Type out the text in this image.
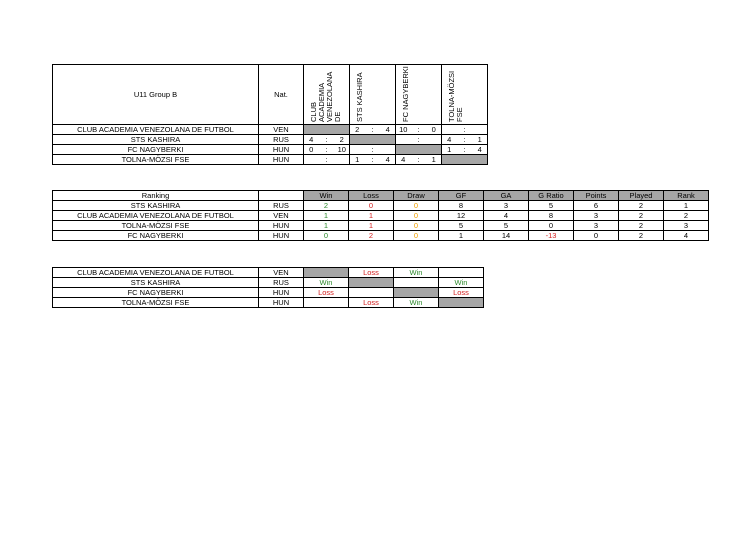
U11 Group B	Nat.	CLUB ACADEMIA VENEZOLANA DE			STS KASHIRA			FC NAGYBERKI			TOLNA-MÖZSI FSE		
CLUB ACADEMIA VENEZOLANA DE FUTBOL	VEN				2	:	4	10	:	0		:	
STS KASHIRA	RUS	4	:	2					:		4	:	1
FC NAGYBERKI	HUN	0	:	10		:					1	:	4
TOLNA-MÖZSI FSE	HUN		:		1	:	4	4	:	1			
Ranking		Win	Loss	Draw	GF	GA	G Ratio	Points	Played	Rank
STS KASHIRA	RUS	2	0	0	8	3	5	6	2	1
CLUB ACADEMIA VENEZOLANA DE FUTBOL	VEN	1	1	0	12	4	8	3	2	2
TOLNA-MÖZSI FSE	HUN	1	1	0	5	5	0	3	2	3
FC NAGYBERKI	HUN	0	2	0	1	14	-13	0	2	4
CLUB ACADEMIA VENEZOLANA DE FUTBOL	VEN		Loss	Win	
STS KASHIRA	RUS	Win			Win
FC NAGYBERKI	HUN	Loss			Loss
TOLNA-MÖZSI FSE	HUN		Loss	Win	
